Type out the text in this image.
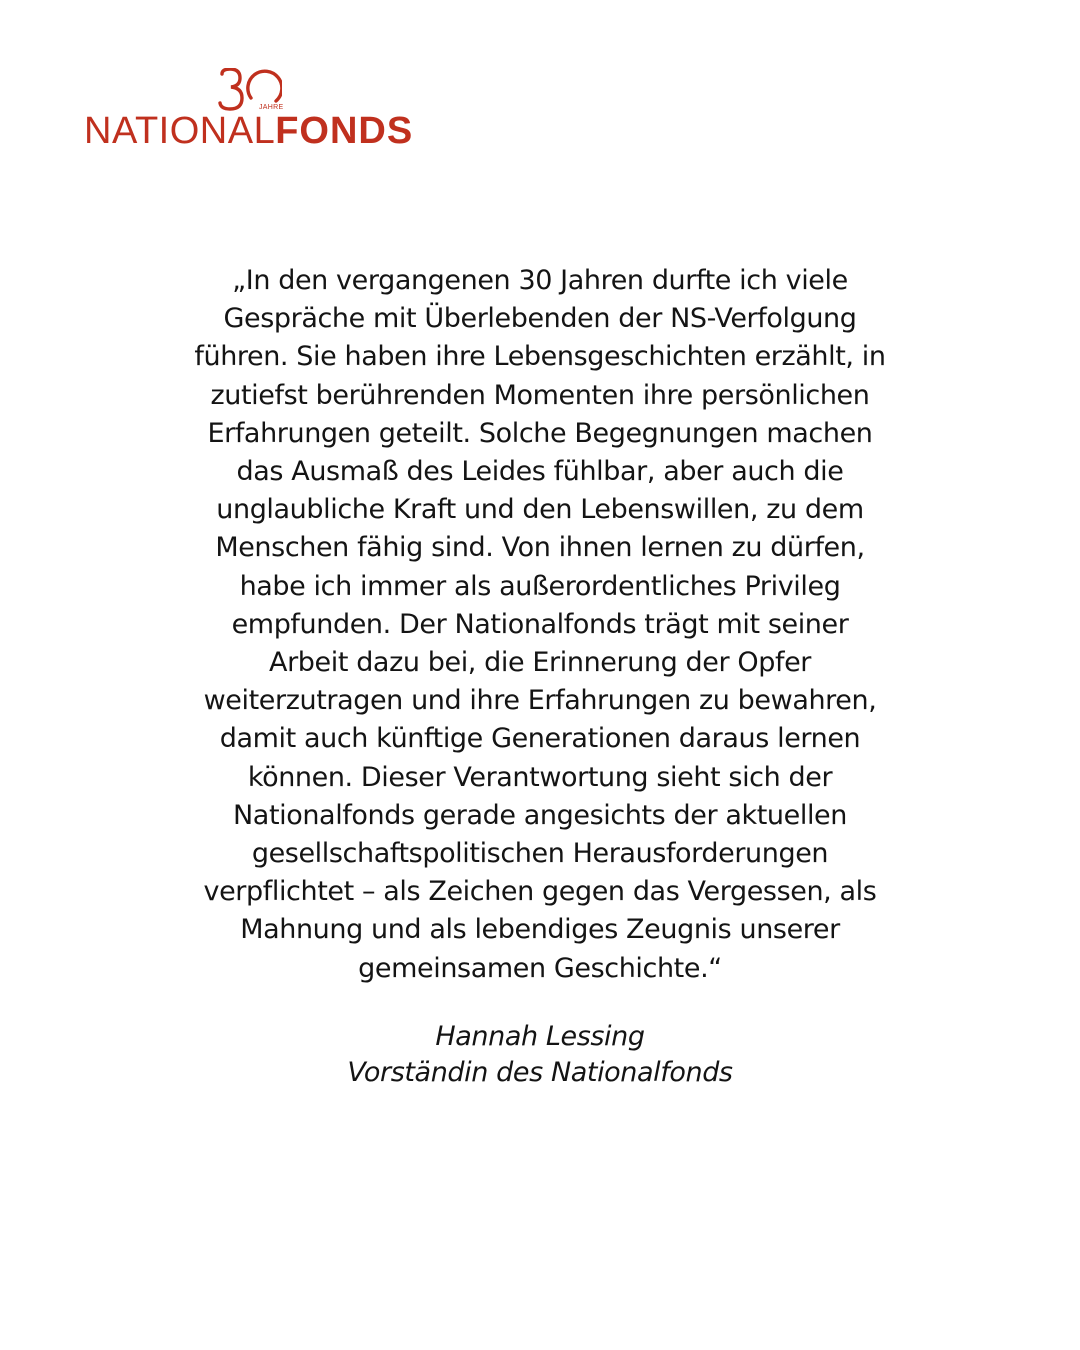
JAHRE
NATIONALFONDS

„In den vergangenen 30 Jahren durfte ich viele
Gespräche mit Überlebenden der NS-Verfolgung
führen. Sie haben ihre Lebensgeschichten erzählt, in
zutiefst berührenden Momenten ihre persönlichen
Erfahrungen geteilt. Solche Begegnungen machen
das Ausmaß des Leides fühlbar, aber auch die
unglaubliche Kraft und den Lebenswillen, zu dem
Menschen fähig sind. Von ihnen lernen zu dürfen,
habe ich immer als außerordentliches Privileg
empfunden. Der Nationalfonds trägt mit seiner
Arbeit dazu bei, die Erinnerung der Opfer
weiterzutragen und ihre Erfahrungen zu bewahren,
damit auch künftige Generationen daraus lernen
können. Dieser Verantwortung sieht sich der
Nationalfonds gerade angesichts der aktuellen
gesellschaftspolitischen Herausforderungen
verpflichtet – als Zeichen gegen das Vergessen, als
Mahnung und als lebendiges Zeugnis unserer
gemeinsamen Geschichte.“

Hannah Lessing
Vorständin des Nationalfonds
